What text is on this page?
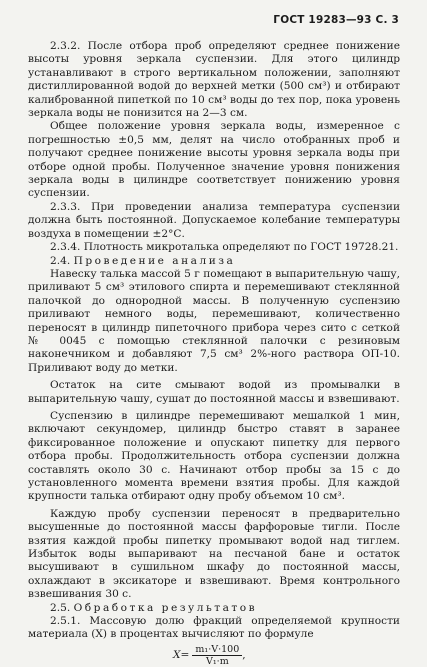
ГОСТ 19283—93 С. 3

2.3.2. После отбора проб определяют среднее понижение высоты уровня зеркала суспензии. Для этого цилиндр устанавливают в строго вертикальном положении, заполняют дистиллированной водой до верхней метки (500 см³) и отбирают калиброванной пипеткой по 10 см³ воды до тех пор, пока уровень зеркала воды не понизится на 2—3 см.

Общее положение уровня зеркала воды, измеренное с погрешностью ±0,5 мм, делят на число отобранных проб и получают среднее понижение высоты уровня зеркала воды при отборе одной пробы. Полученное значение уровня понижения зеркала воды в цилиндре соответствует понижению уровня суспензии.

2.3.3. При проведении анализа температура суспензии должна быть постоянной. Допускаемое колебание температуры воздуха в помещении ±2°С.

2.3.4. Плотность микроталька определяют по ГОСТ 19728.21.

2.4. Проведение анализа

Навеску талька массой 5 г помещают в выпарительную чашу, приливают 5 см³ этилового спирта и перемешивают стеклянной палочкой до однородной массы. В полученную суспензию приливают немного воды, перемешивают, количественно переносят в цилиндр пипеточного прибора через сито с сеткой № 0045 с помощью стеклянной палочки с резиновым наконечником и добавляют 7,5 см³ 2%-ного раствора ОП-10. Приливают воду до метки.

Остаток на сите смывают водой из промывалки в выпарительную чашу, сушат до постоянной массы и взвешивают.

Суспензию в цилиндре перемешивают мешалкой 1 мин, включают секундомер, цилиндр быстро ставят в заранее фиксированное положение и опускают пипетку для первого отбора пробы. Продолжительность отбора суспензии должна составлять около 30 с. Начинают отбор пробы за 15 с до установленного момента времени взятия пробы. Для каждой крупности талька отбирают одну пробу объемом 10 см³.

Каждую пробу суспензии переносят в предварительно высушенные до постоянной массы фарфоровые тигли. После взятия каждой пробы пипетку промывают водой над тиглем. Избыток воды выпаривают на песчаной бане и остаток высушивают в сушильном шкафу до постоянной массы, охлаждают в эксикаторе и взвешивают. Время контрольного взвешивания 30 с.

2.5. Обработка результатов

2.5.1. Массовую долю фракций определяемой крупности материала (X) в процентах вычисляют по формуле

$X= \frac{\text{m₁·V·100}}{\text{V₁·m}}$ ,
